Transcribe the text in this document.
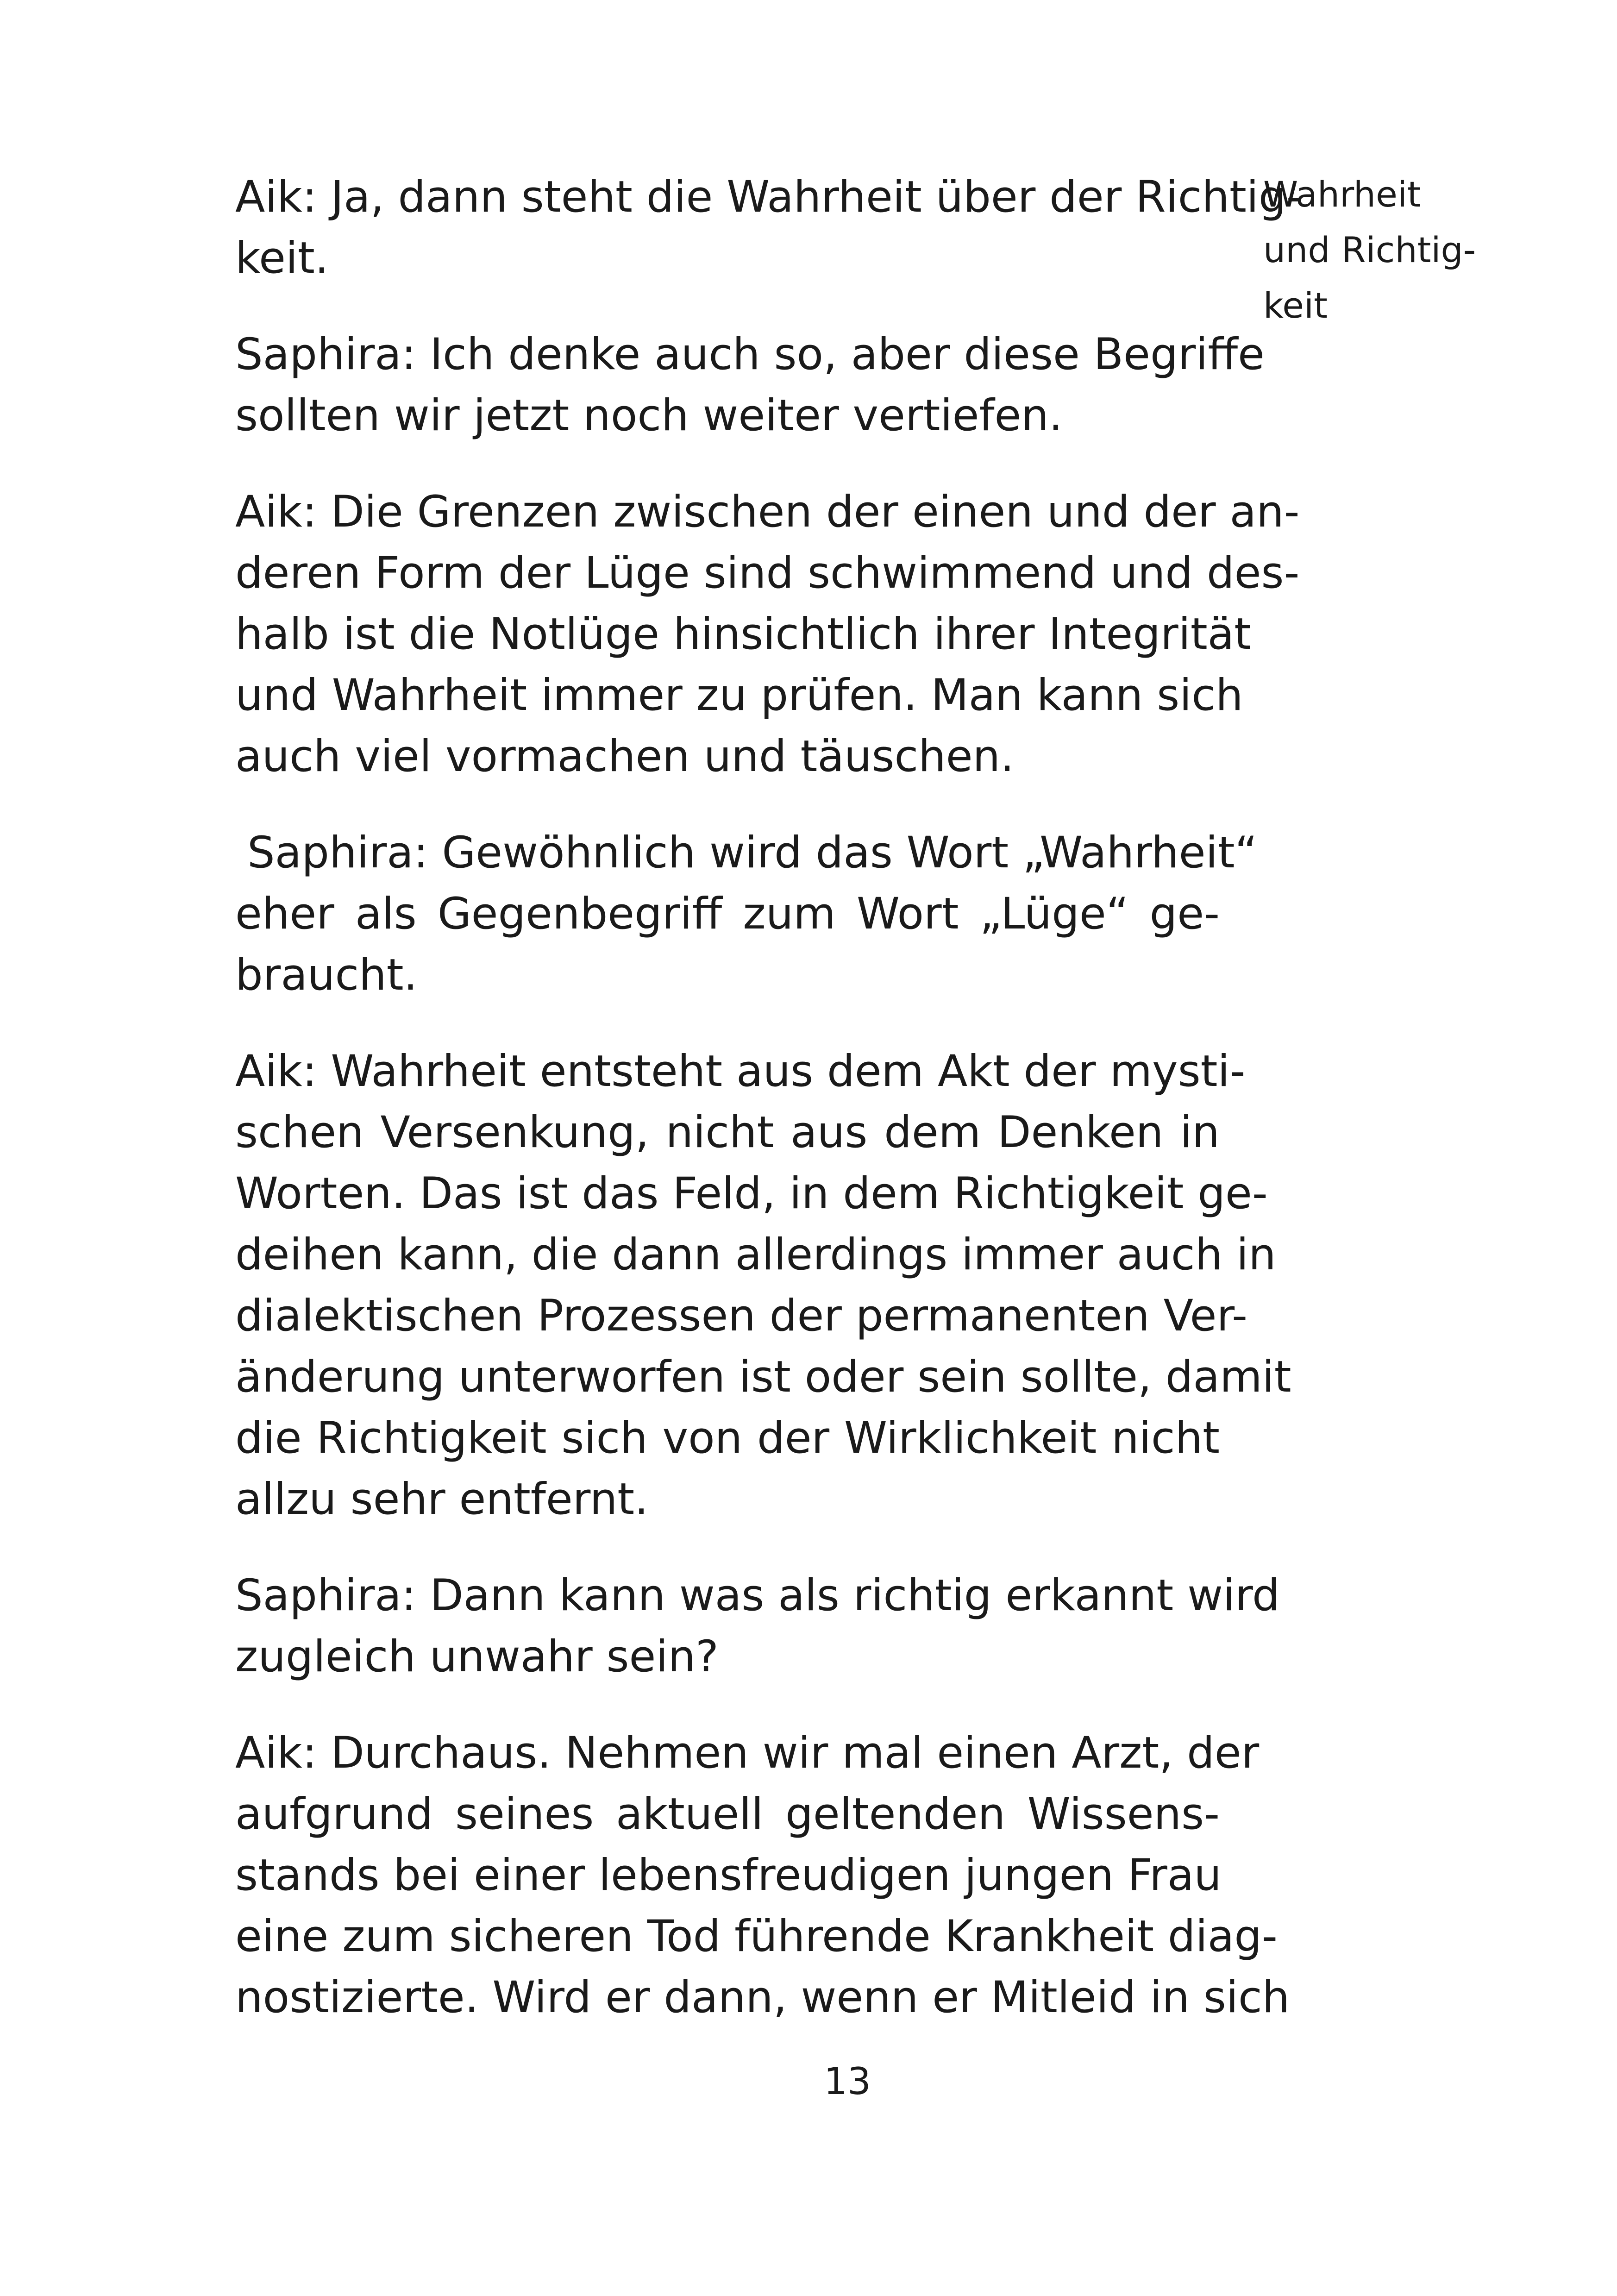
Wahrheit
und Richtig-
keit
Aik: Ja, dann steht die Wahrheit über der Richtig-
keit.
Saphira: Ich denke auch so, aber diese Begriffe
sollten wir jetzt noch weiter vertiefen.
Aik: Die Grenzen zwischen der einen und der an-
deren Form der Lüge sind schwimmend und des-
halb ist die Notlüge hinsichtlich ihrer Integrität
und Wahrheit immer zu prüfen. Man kann sich
auch viel vormachen und täuschen.
Saphira: Gewöhnlich wird das Wort „Wahrheit“
eher als Gegenbegriff zum Wort „Lüge“ ge-
braucht.
Aik: Wahrheit entsteht aus dem Akt der mysti-
schen Versenkung, nicht aus dem Denken in
Worten. Das ist das Feld, in dem Richtigkeit ge-
deihen kann, die dann allerdings immer auch in
dialektischen Prozessen der permanenten Ver-
änderung unterworfen ist oder sein sollte, damit
die Richtigkeit sich von der Wirklichkeit nicht
allzu sehr entfernt.
Saphira: Dann kann was als richtig erkannt wird
zugleich unwahr sein?
Aik: Durchaus. Nehmen wir mal einen Arzt, der
aufgrund seines aktuell geltenden Wissens-
stands bei einer lebensfreudigen jungen Frau
eine zum sicheren Tod führende Krankheit diag-
nostizierte. Wird er dann, wenn er Mitleid in sich
13
